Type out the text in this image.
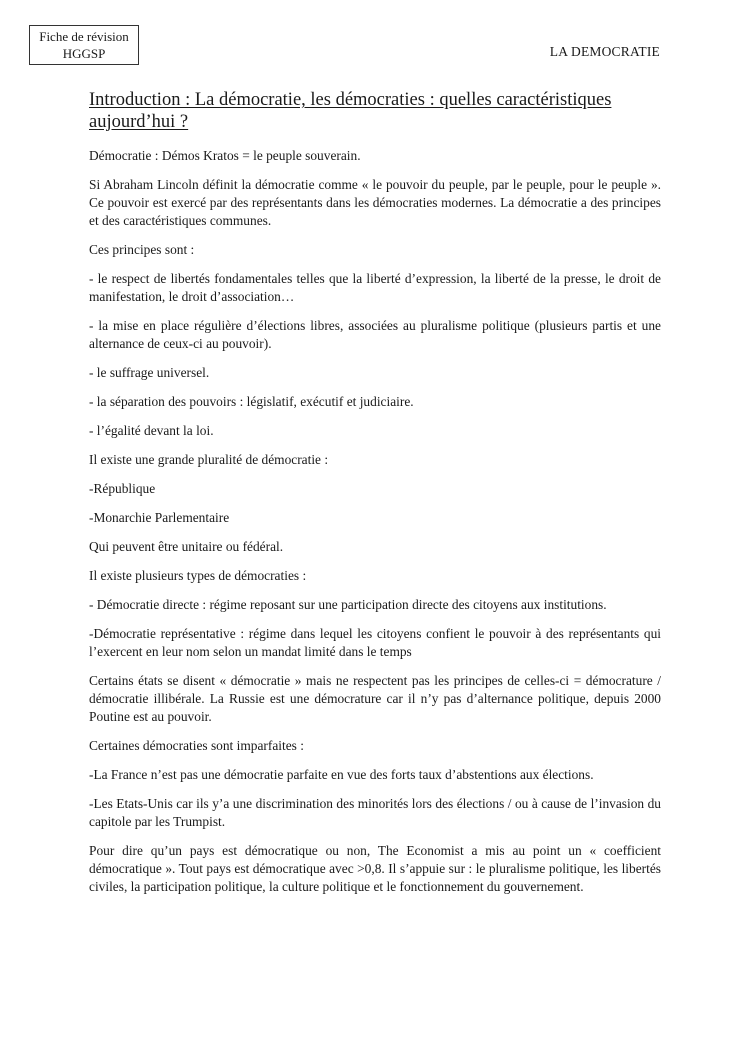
Fiche de révision
HGGSP	LA DEMOCRATIE
Introduction : La démocratie, les démocraties : quelles caractéristiques aujourd’hui ?

Démocratie : Démos Kratos = le peuple souverain.

Si Abraham Lincoln définit la démocratie comme « le pouvoir du peuple, par le peuple, pour le peuple ». Ce pouvoir est exercé par des représentants dans les démocraties modernes. La démocratie a des principes et des caractéristiques communes.

Ces principes sont :

- le respect de libertés fondamentales telles que la liberté d’expression, la liberté de la presse, le droit de manifestation, le droit d’association…

- la mise en place régulière d’élections libres, associées au pluralisme politique (plusieurs partis et une alternance de ceux-ci au pouvoir).

- le suffrage universel.

- la séparation des pouvoirs : législatif, exécutif et judiciaire.

- l’égalité devant la loi.

Il existe une grande pluralité de démocratie :

-République

-Monarchie Parlementaire

Qui peuvent être unitaire ou fédéral.

Il existe plusieurs types de démocraties :

- Démocratie directe : régime reposant sur une participation directe des citoyens aux institutions.

-Démocratie représentative : régime dans lequel les citoyens confient le pouvoir à des représentants qui l’exercent en leur nom selon un mandat limité dans le temps

Certains états se disent « démocratie » mais ne respectent pas les principes de celles-ci = démocrature / démocratie illibérale. La Russie est une démocrature car il n’y pas d’alternance politique, depuis 2000 Poutine est au pouvoir.

Certaines démocraties sont imparfaites :

-La France n’est pas une démocratie parfaite en vue des forts taux d’abstentions aux élections.

-Les Etats-Unis car ils y’a une discrimination des minorités lors des élections / ou à cause de l’invasion du capitole par les Trumpist.

Pour dire qu’un pays est démocratique ou non, The Economist a mis au point un « coefficient démocratique ». Tout pays est démocratique avec >0,8. Il s’appuie sur : le pluralisme politique, les libertés civiles, la participation politique, la culture politique et le fonctionnement du gouvernement.
